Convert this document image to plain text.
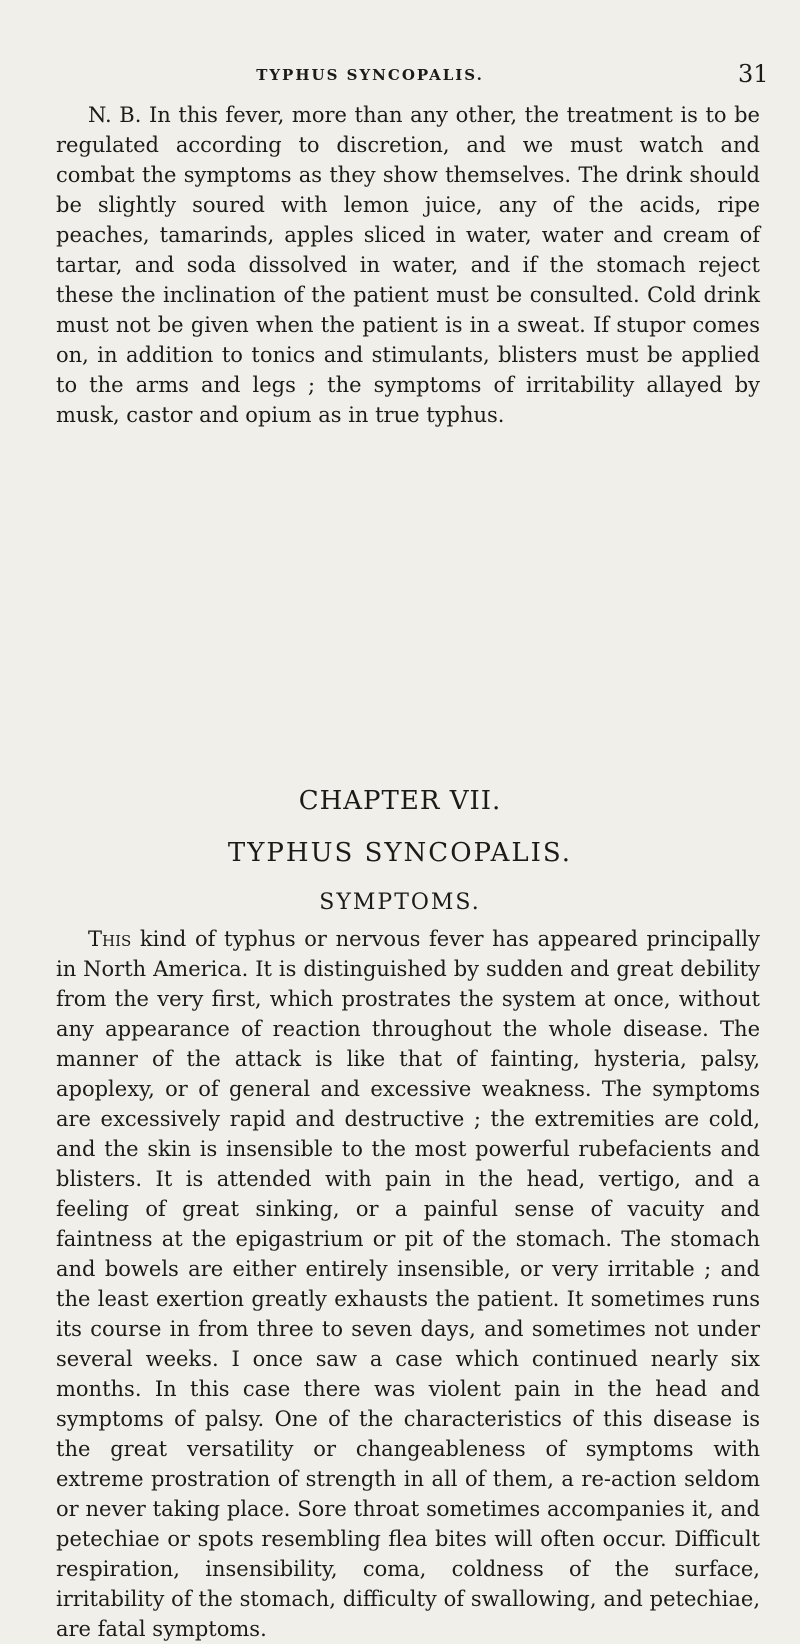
TYPHUS SYNCOPALIS.	31

N. B. In this fever, more than any other, the treatment is to be regulated according to discretion, and we must watch and combat the symptoms as they show themselves. The drink should be slightly soured with lemon juice, any of the acids, ripe peaches, tamarinds, apples sliced in water, water and cream of tartar, and soda dissolved in water, and if the stomach reject these the inclination of the patient must be consulted. Cold drink must not be given when the patient is in a sweat. If stupor comes on, in addition to tonics and stimulants, blisters must be applied to the arms and legs ; the symptoms of irritability allayed by musk, castor and opium as in true typhus.

CHAPTER VII.
TYPHUS SYNCOPALIS.
SYMPTOMS.

This kind of typhus or nervous fever has appeared principally in North America. It is distinguished by sudden and great debility from the very first, which prostrates the system at once, without any appearance of reaction throughout the whole disease. The manner of the attack is like that of fainting, hysteria, palsy, apoplexy, or of general and excessive weakness. The symptoms are excessively rapid and destructive ; the extremities are cold, and the skin is insensible to the most powerful rubefacients and blisters. It is attended with pain in the head, vertigo, and a feeling of great sinking, or a painful sense of vacuity and faintness at the epigastrium or pit of the stomach. The stomach and bowels are either entirely insensible, or very irritable ; and the least exertion greatly exhausts the patient. It sometimes runs its course in from three to seven days, and sometimes not under several weeks. I once saw a case which continued nearly six months. In this case there was violent pain in the head and symptoms of palsy. One of the characteristics of this disease is the great versatility or changeableness of symptoms with extreme prostration of strength in all of them, a re-action seldom or never taking place. Sore throat sometimes accompanies it, and petechiae or spots resembling flea bites will often occur. Difficult respiration, insensibility, coma, coldness of the surface, irritability of the stomach, difficulty of swallowing, and petechiae, are fatal symptoms.
